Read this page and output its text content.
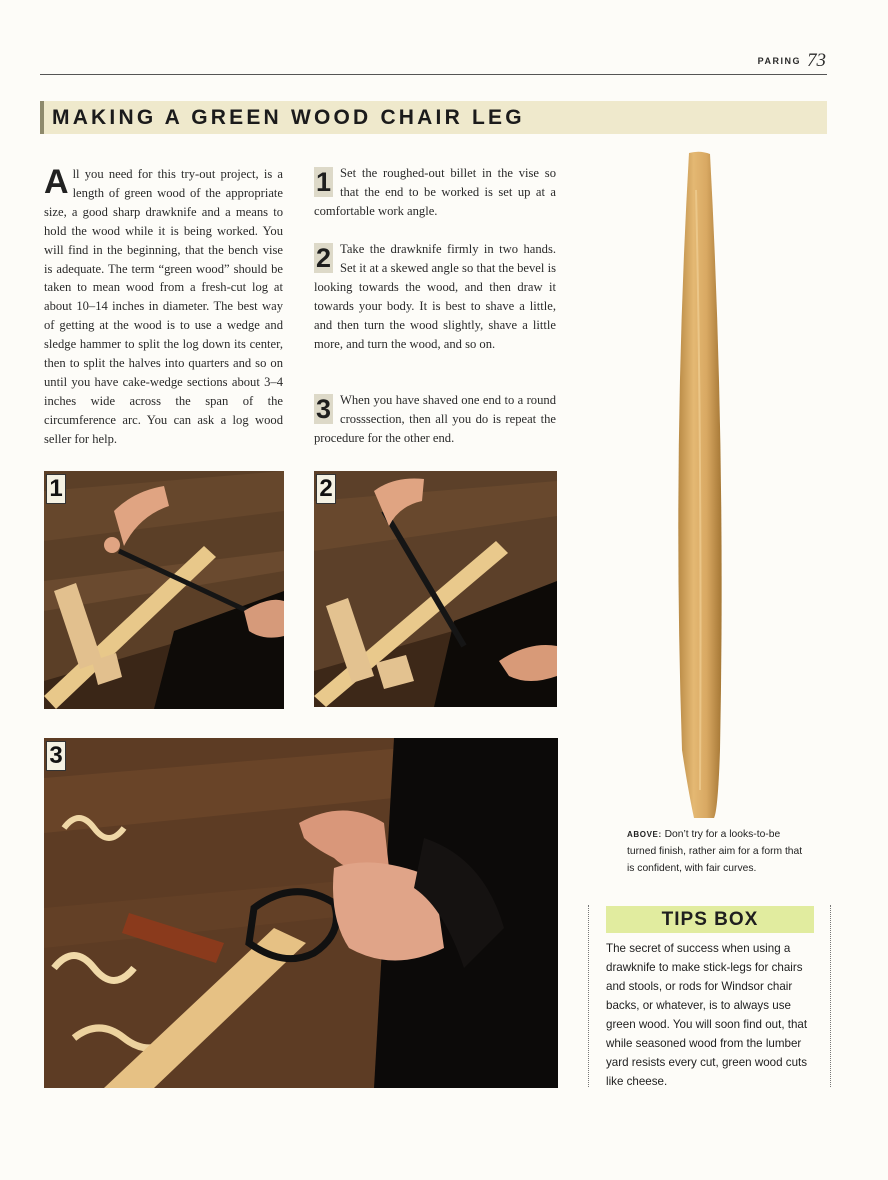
PARING 73
MAKING A GREEN WOOD CHAIR LEG
All you need for this try-out project, is a length of green wood of the appropriate size, a good sharp drawknife and a means to hold the wood while it is being worked. You will find in the beginning, that the bench vise is adequate. The term “green wood” should be taken to mean wood from a fresh-cut log at about 10–14 inches in diameter. The best way of getting at the wood is to use a wedge and sledge hammer to split the log down its center, then to split the halves into quarters and so on until you have cake-wedge sections about 3–4 inches wide across the span of the circumference arc. You can ask a log wood seller for help.
1 Set the roughed-out billet in the vise so that the end to be worked is set up at a comfortable work angle.
2 Take the drawknife firmly in two hands. Set it at a skewed angle so that the bevel is looking towards the wood, and then draw it towards your body. It is best to shave a little, and then turn the wood slightly, shave a little more, and turn the wood, and so on.
3 When you have shaved one end to a round crosssection, then all you do is repeat the procedure for the other end.
1	2
3
ABOVE: Don’t try for a looks-to-be turned finish, rather aim for a form that is confident, with fair curves.
TIPS BOX
The secret of success when using a drawknife to make stick-legs for chairs and stools, or rods for Windsor chair backs, or whatever, is to always use green wood. You will soon find out, that while seasoned wood from the lumber yard resists every cut, green wood cuts like cheese.
